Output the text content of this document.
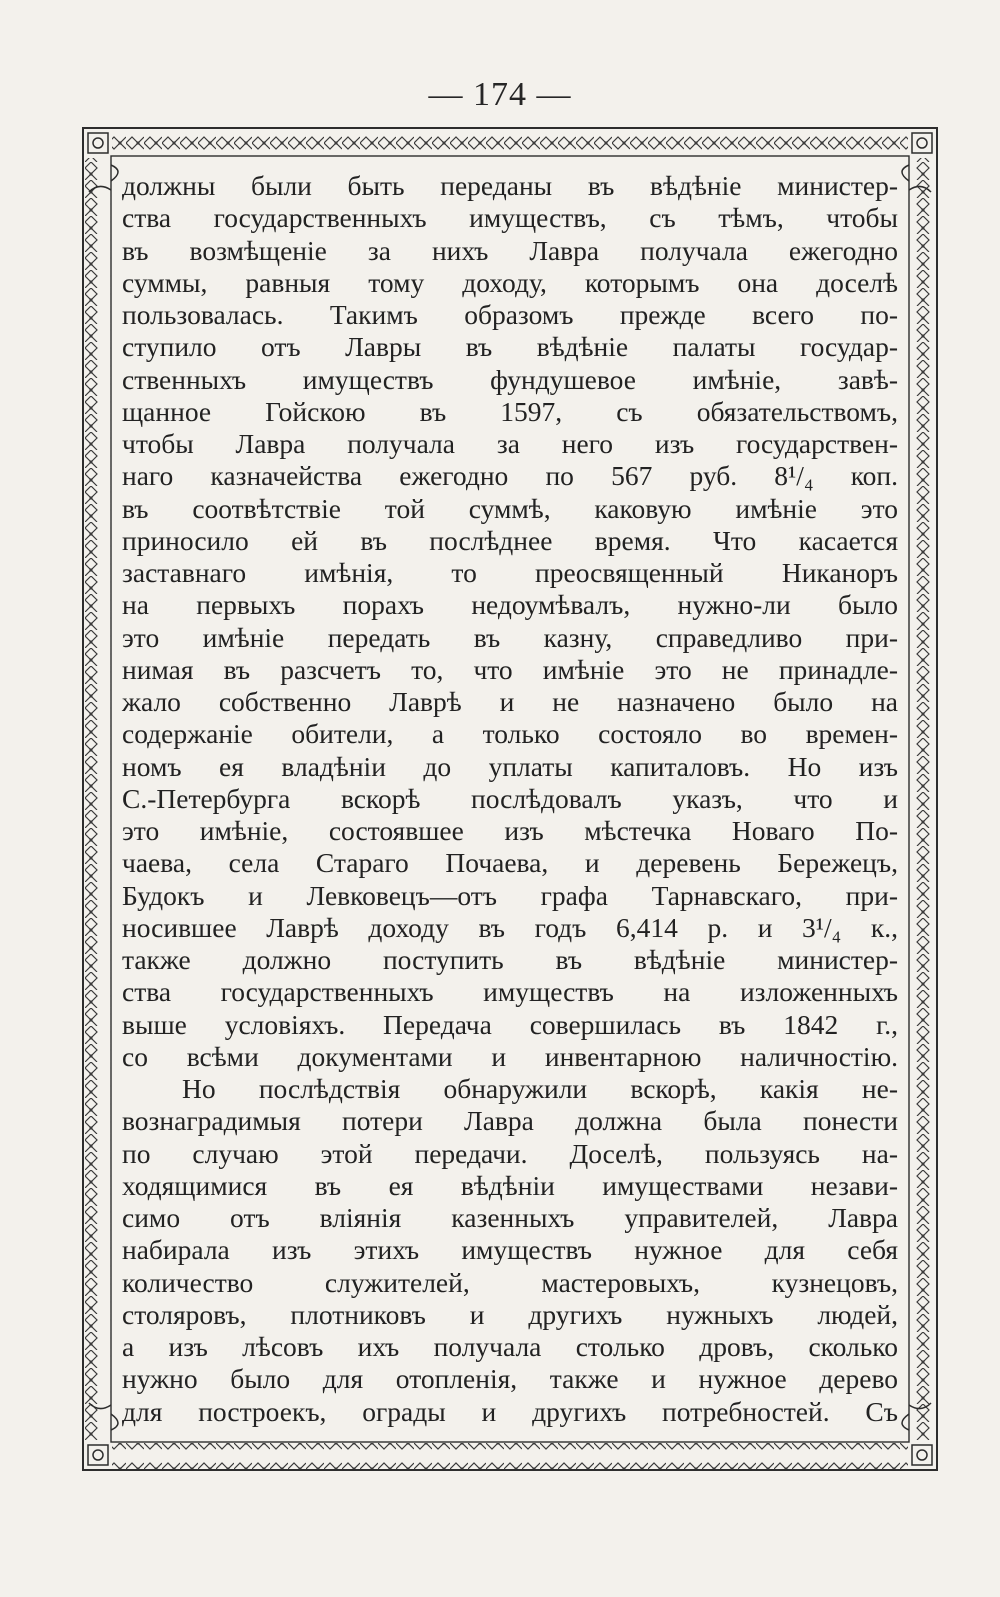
— 174 —
должны были быть переданы въ вѣдѣніе министер-
ства государственныхъ имуществъ, съ тѣмъ, чтобы
въ возмѣщеніе за нихъ Лавра получала ежегодно
суммы, равныя тому доходу, которымъ она доселѣ
пользовалась. Такимъ образомъ прежде всего по-
ступило отъ Лавры въ вѣдѣніе палаты государ-
ственныхъ имуществъ фундушевое имѣніе, завѣ-
щанное Гойскою въ 1597, съ обязательствомъ,
чтобы Лавра получала за него изъ государствен-
наго казначейства ежегодно по 567 руб. 8¹/₄ коп.
въ соотвѣтствіе той суммѣ, каковую имѣніе это
приносило ей въ послѣднее время. Что касается
заставнаго имѣнія, то преосвященный Никаноръ
на первыхъ порахъ недоумѣвалъ, нужно-ли было
это имѣніе передать въ казну, справедливо при-
нимая въ разсчетъ то, что имѣніе это не принадле-
жало собственно Лаврѣ и не назначено было на
содержаніе обители, а только состояло во времен-
номъ ея владѣніи до уплаты капиталовъ. Но изъ
С.-Петербурга вскорѣ послѣдовалъ указъ, что и
это имѣніе, состоявшее изъ мѣстечка Новаго По-
чаева, села Стараго Почаева, и деревень Бережецъ,
Будокъ и Левковецъ—отъ графа Тарнавскаго, при-
носившее Лаврѣ доходу въ годъ 6,414 р. и 3¹/₄ к.,
также должно поступить въ вѣдѣніе министер-
ства государственныхъ имуществъ на изложенныхъ
выше условіяхъ. Передача совершилась въ 1842 г.,
со всѣми документами и инвентарною наличностію.
Но послѣдствія обнаружили вскорѣ, какія не-
вознаградимыя потери Лавра должна была понести
по случаю этой передачи. Доселѣ, пользуясь на-
ходящимися въ ея вѣдѣніи имуществами незави-
симо отъ вліянія казенныхъ управителей, Лавра
набирала изъ этихъ имуществъ нужное для себя
количество служителей, мастеровыхъ, кузнецовъ,
столяровъ, плотниковъ и другихъ нужныхъ людей,
а изъ лѣсовъ ихъ получала столько дровъ, сколько
нужно было для отопленія, также и нужное дерево
для построекъ, ограды и другихъ потребностей. Съ
